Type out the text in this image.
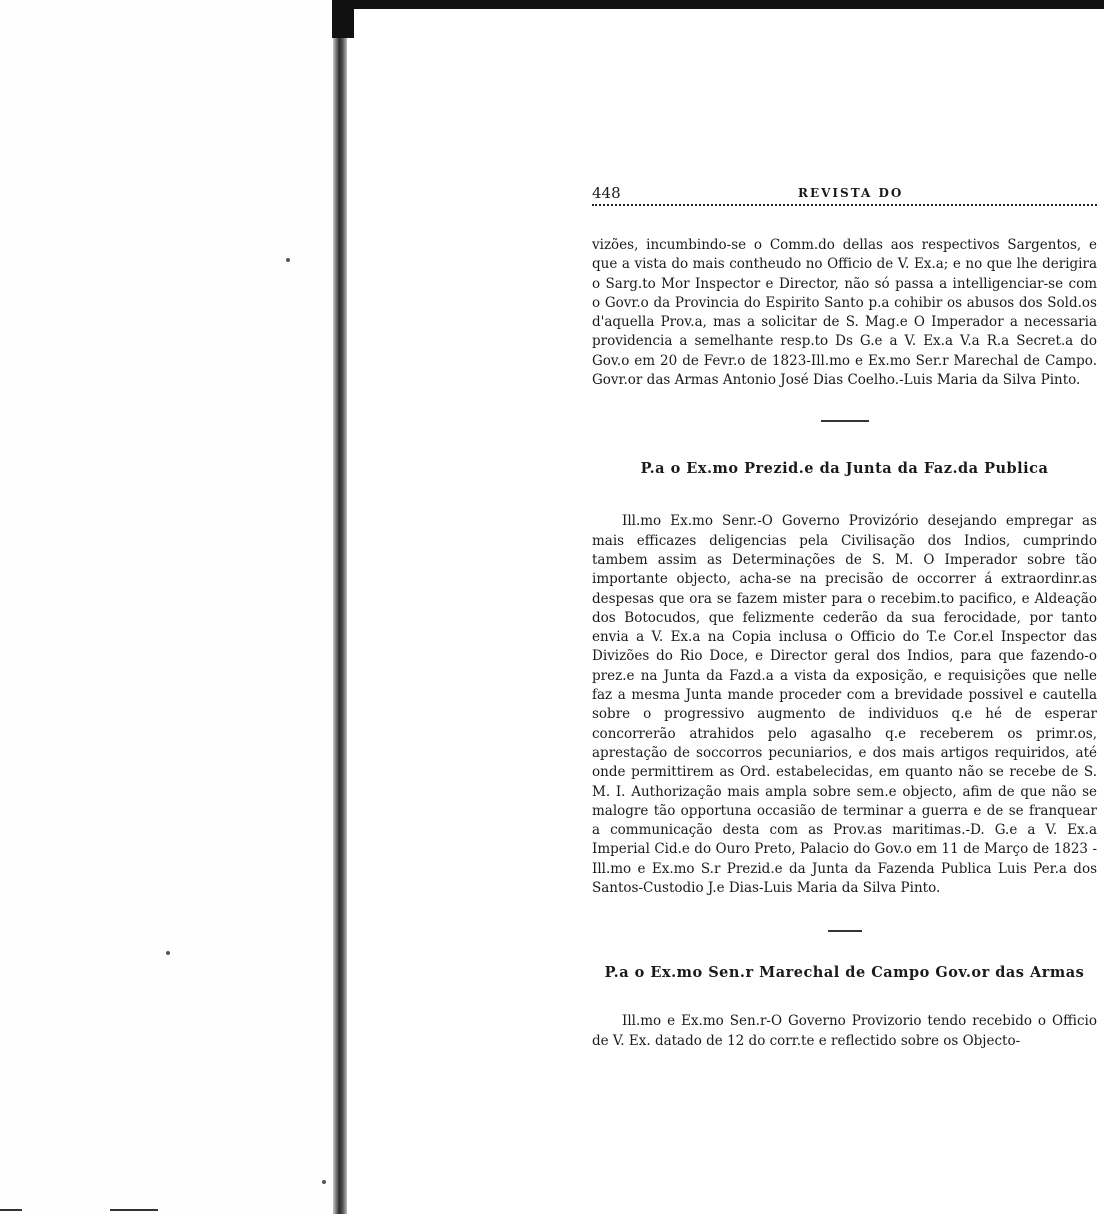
448	REVISTA DO

vizões, incumbindo-se o Comm.do dellas aos respectivos Sargentos, e que a vista do mais contheudo no Officio de V. Ex.a; e no que lhe derigira o Sarg.to Mor Inspector e Director, não só passa a intelligenciar-se com o Govr.o da Provincia do Espirito Santo p.a cohibir os abusos dos Sold.os d'aquella Prov.a, mas a solicitar de S. Mag.e O Imperador a necessaria providencia a semelhante resp.to Ds G.e a V. Ex.a V.a R.a Secret.a do Gov.o em 20 de Fevr.o de 1823-Ill.mo e Ex.mo Ser.r Marechal de Campo. Govr.or das Armas Antonio José Dias Coelho.-Luis Maria da Silva Pinto.

P.a o Ex.mo Prezid.e da Junta da Faz.da Publica

Ill.mo Ex.mo Senr.-O Governo Provizório desejando empregar as mais efficazes deligencias pela Civilisação dos Indios, cumprindo tambem assim as Determinações de S. M. O Imperador sobre tão importante objecto, acha-se na precisão de occorrer á extraordinr.as despesas que ora se fazem mister para o recebim.to pacifico, e Aldeação dos Botocudos, que felizmente cederão da sua ferocidade, por tanto envia a V. Ex.a na Copia inclusa o Officio do T.e Cor.el Inspector das Divizões do Rio Doce, e Director geral dos Indios, para que fazendo-o prez.e na Junta da Fazd.a a vista da exposição, e requisições que nelle faz a mesma Junta mande proceder com a brevidade possivel e cautella sobre o progressivo augmento de individuos q.e hé de esperar concorrerão atrahidos pelo agasalho q.e receberem os primr.os, aprestação de soccorros pecuniarios, e dos mais artigos requiridos, até onde permittirem as Ord. estabelecidas, em quanto não se recebe de S. M. I. Authorização mais ampla sobre sem.e objecto, afim de que não se malogre tão opportuna occasião de terminar a guerra e de se franquear a communicação desta com as Prov.as maritimas.-D. G.e a V. Ex.a Imperial Cid.e do Ouro Preto, Palacio do Gov.o em 11 de Março de 1823 -Ill.mo e Ex.mo S.r Prezid.e da Junta da Fazenda Publica Luis Per.a dos Santos-Custodio J.e Dias-Luis Maria da Silva Pinto.

P.a o Ex.mo Sen.r Marechal de Campo Gov.or das Armas

Ill.mo e Ex.mo Sen.r-O Governo Provizorio tendo recebido o Officio de V. Ex. datado de 12 do corr.te e reflectido sobre os Objecto-
